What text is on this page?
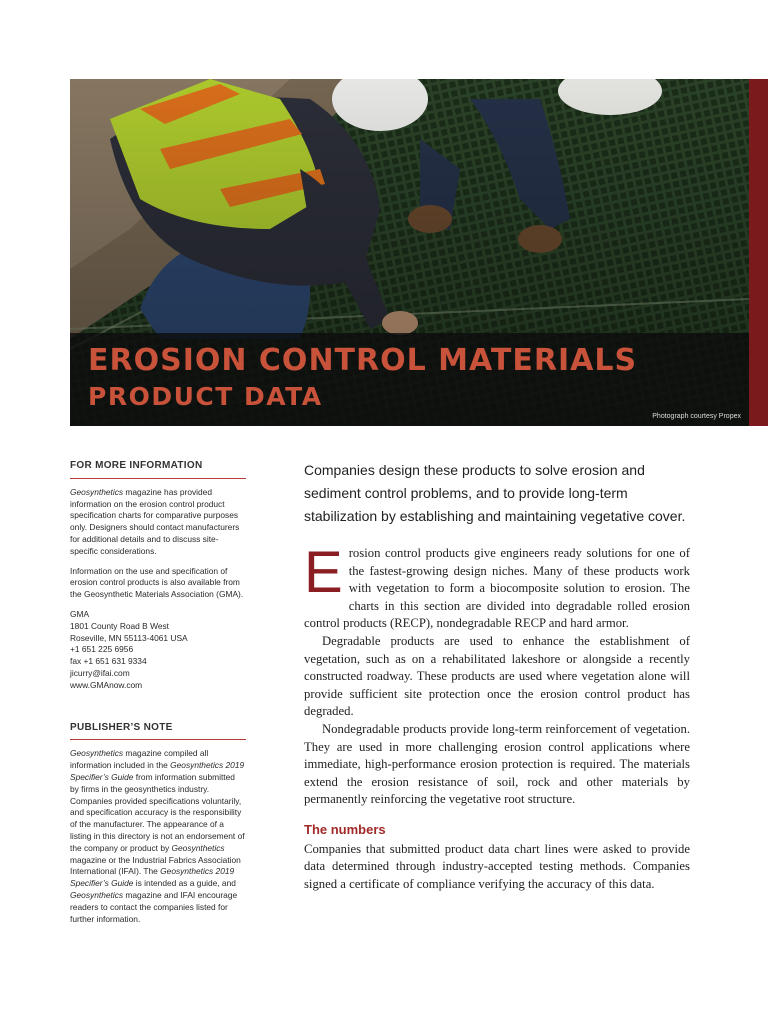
EROSION CONTROL MATERIALS
PRODUCT DATA
Photograph courtesy Propex
FOR MORE INFORMATION

Geosynthetics magazine has provided information on the erosion control product specification charts for comparative purposes only. Designers should contact manufacturers for additional details and to discuss site-specific considerations.

Information on the use and specification of erosion control products is also available from the Geosynthetic Materials Association (GMA).

GMA

1801 County Road B West

Roseville, MN 55113-4061 USA

+1 651 225 6956

fax +1 651 631 9334

jicurry@ifai.com

www.GMAnow.com

PUBLISHER’S NOTE

Geosynthetics magazine compiled all information included in the Geosynthetics 2019 Specifier’s Guide from information submitted by firms in the geosynthetics industry. Companies provided specifications voluntarily, and specification accuracy is the responsibility of the manufacturer. The appearance of a listing in this directory is not an endorsement of the company or product by Geosynthetics magazine or the Industrial Fabrics Association International (IFAI). The Geosynthetics 2019 Specifier’s Guide is intended as a guide, and Geosynthetics magazine and IFAI encourage readers to contact the companies listed for further information.

Companies design these products to solve erosion and sediment control problems, and to provide long-term stabilization by establishing and maintaining vegetative cover.

Erosion control products give engineers ready solutions for one of the fastest-growing design niches. Many of these products work with vegetation to form a biocomposite solution to erosion. The charts in this section are divided into degradable rolled erosion control products (RECP), nondegradable RECP and hard armor.

Degradable products are used to enhance the establishment of vegetation, such as on a rehabilitated lakeshore or alongside a recently constructed roadway. These products are used where vegetation alone will provide sufficient site protection once the erosion control product has degraded.

Nondegradable products provide long-term reinforcement of vegetation. They are used in more challenging erosion control applications where immediate, high-performance erosion protection is required. The materials extend the erosion resistance of soil, rock and other materials by permanently reinforcing the vegetative root structure.

The numbers

Companies that submitted product data chart lines were asked to provide data determined through industry-accepted testing methods. Companies signed a certificate of compliance verifying the accuracy of this data.
